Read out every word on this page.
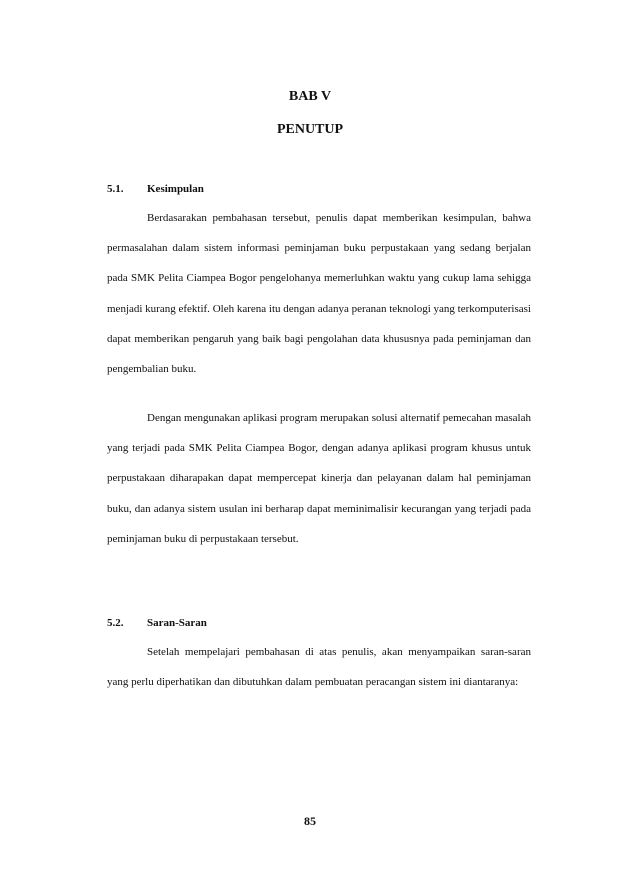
BAB V
PENUTUP
5.1. Kesimpulan

Berdasarakan pembahasan tersebut, penulis dapat memberikan kesimpulan, bahwa permasalahan dalam sistem informasi peminjaman buku perpustakaan yang sedang berjalan pada SMK Pelita Ciampea Bogor pengelohanya memerluhkan waktu yang cukup lama sehigga menjadi kurang efektif. Oleh karena itu dengan adanya peranan teknologi yang terkomputerisasi dapat memberikan pengaruh yang baik bagi pengolahan data khususnya pada peminjaman dan pengembalian buku.

Dengan mengunakan aplikasi program merupakan solusi alternatif pemecahan masalah yang terjadi pada SMK Pelita Ciampea Bogor, dengan adanya aplikasi program khusus untuk perpustakaan diharapakan dapat mempercepat kinerja dan pelayanan dalam hal peminjaman buku, dan adanya sistem usulan ini berharap dapat meminimalisir kecurangan yang terjadi pada peminjaman buku di perpustakaan tersebut.

5.2. Saran-Saran

Setelah mempelajari pembahasan di atas penulis, akan menyampaikan saran-saran yang perlu diperhatikan dan dibutuhkan dalam pembuatan peracangan sistem ini diantaranya:

85
